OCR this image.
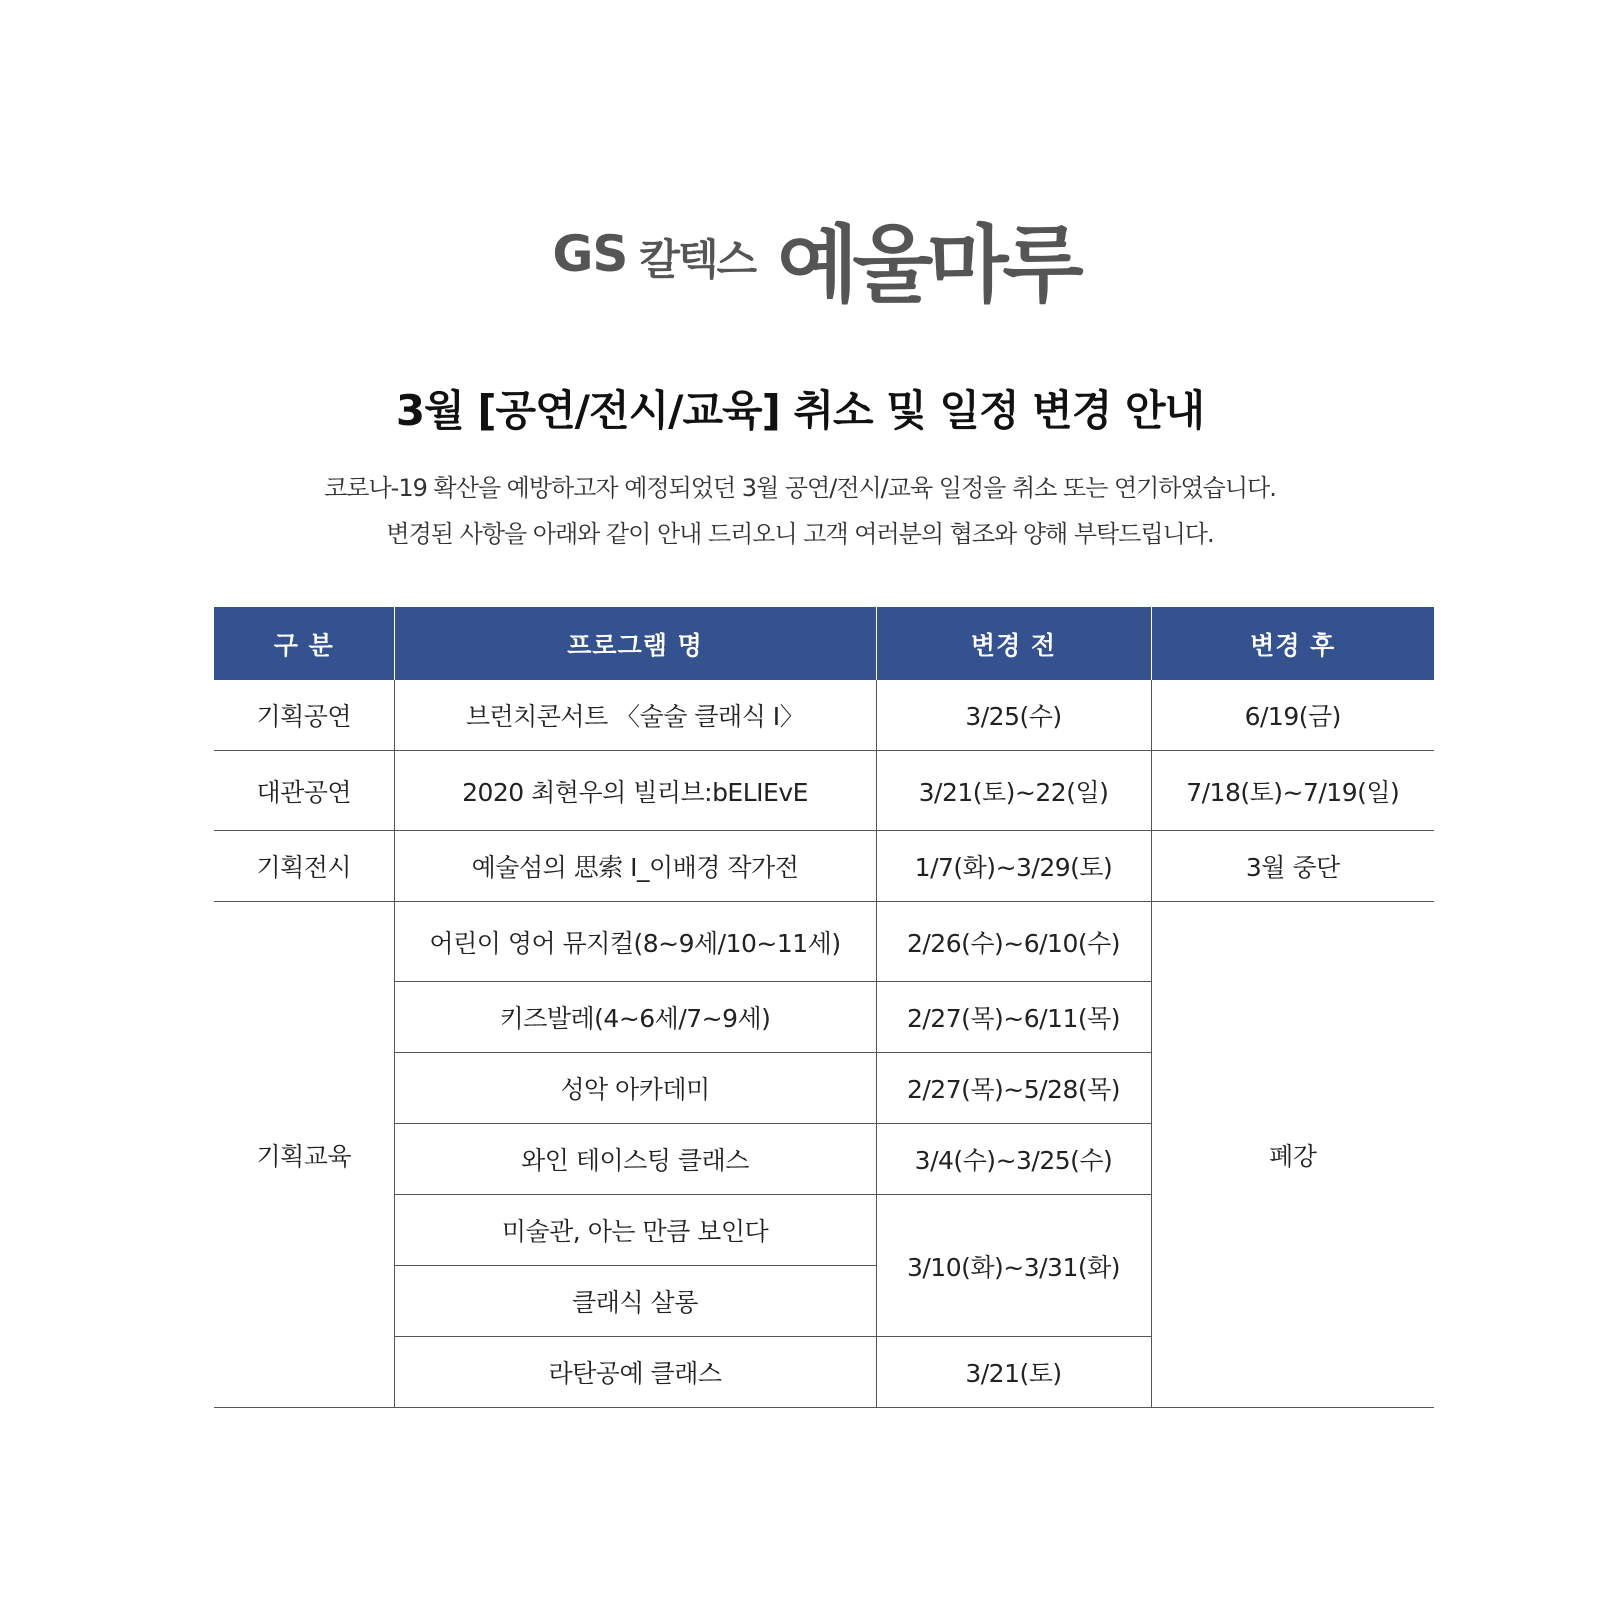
GS 칼텍스 예울마루
3월 [공연/전시/교육] 취소 및 일정 변경 안내
코로나-19 확산을 예방하고자 예정되었던 3월 공연/전시/교육 일정을 취소 또는 연기하였습니다.
변경된 사항을 아래와 같이 안내 드리오니 고객 여러분의 협조와 양해 부탁드립니다.
구 분	프로그램 명	변경 전	변경 후
기획공연	브런치콘서트 〈술술 클래식 Ⅰ〉	3/25(수)	6/19(금)
대관공연	2020 최현우의 빌리브:bELIEvE	3/21(토)~22(일)	7/18(토)~7/19(일)
기획전시	예술섬의 思索 Ⅰ_이배경 작가전	1/7(화)~3/29(토)	3월 중단
기획교육	어린이 영어 뮤지컬(8~9세/10~11세)	2/26(수)~6/10(수)	폐강
	키즈발레(4~6세/7~9세)	2/27(목)~6/11(목)	
	성악 아카데미	2/27(목)~5/28(목)	
	와인 테이스팅 클래스	3/4(수)~3/25(수)	
	미술관, 아는 만큼 보인다	3/10(화)~3/31(화)	
	클래식 살롱		
	라탄공예 클래스	3/21(토)	
